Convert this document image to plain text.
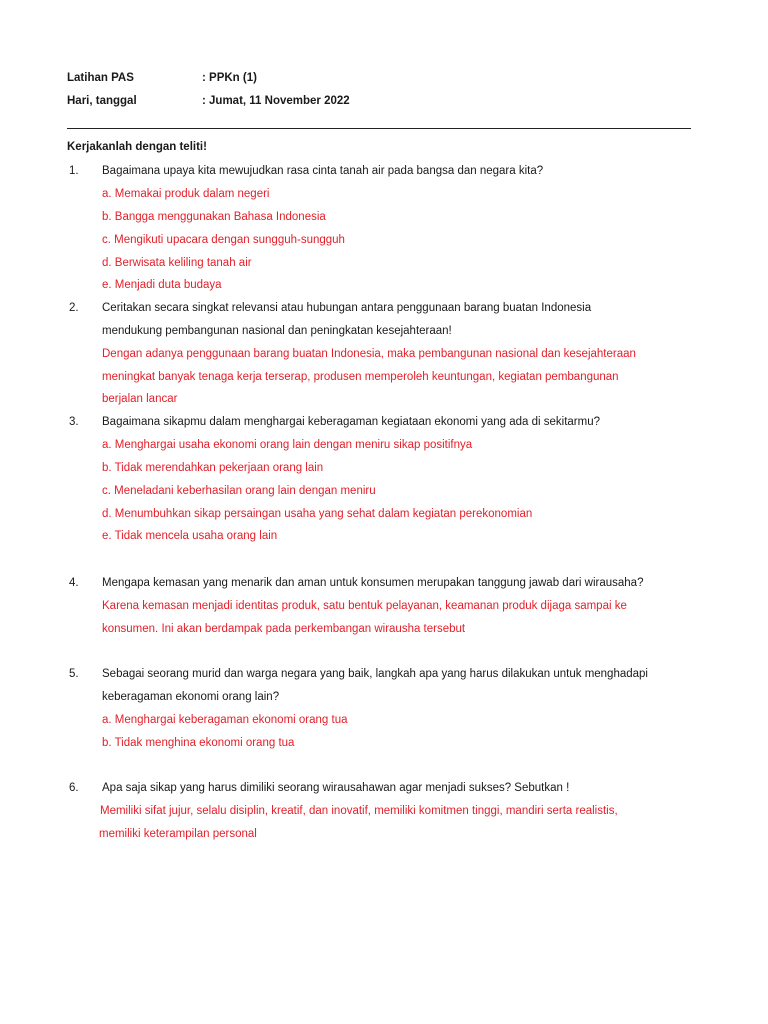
Latihan PAS	: PPKn (1)
Hari, tanggal	: Jumat, 11 November 2022
Kerjakanlah dengan teliti!
1. Bagaimana upaya kita mewujudkan rasa cinta tanah air pada bangsa dan negara kita?
a. Memakai produk dalam negeri
b. Bangga menggunakan Bahasa Indonesia
c. Mengikuti upacara dengan sungguh-sungguh
d. Berwisata keliling tanah air
e. Menjadi duta budaya
2. Ceritakan secara singkat relevansi atau hubungan antara penggunaan barang buatan Indonesia
mendukung pembangunan nasional dan peningkatan kesejahteraan!
Dengan adanya penggunaan barang buatan Indonesia, maka pembangunan nasional dan kesejahteraan
meningkat banyak tenaga kerja terserap, produsen memperoleh keuntungan, kegiatan pembangunan
berjalan lancar
3. Bagaimana sikapmu dalam menghargai keberagaman kegiataan ekonomi yang ada di sekitarmu?
a. Menghargai usaha ekonomi orang lain dengan meniru sikap positifnya
b. Tidak merendahkan pekerjaan orang lain
c. Meneladani keberhasilan orang lain dengan meniru
d. Menumbuhkan sikap persaingan usaha yang sehat dalam kegiatan perekonomian
e. Tidak mencela usaha orang lain
4. Mengapa kemasan yang menarik dan aman untuk konsumen merupakan tanggung jawab dari wirausaha?
Karena kemasan menjadi identitas produk, satu bentuk pelayanan, keamanan produk dijaga sampai ke
konsumen. Ini akan berdampak pada perkembangan wirausha tersebut
5. Sebagai seorang murid dan warga negara yang baik, langkah apa yang harus dilakukan untuk menghadapi
keberagaman ekonomi orang lain?
a. Menghargai keberagaman ekonomi orang tua
b. Tidak menghina ekonomi orang tua
6. Apa saja sikap yang harus dimiliki seorang wirausahawan agar menjadi sukses? Sebutkan !
Memiliki sifat jujur, selalu disiplin, kreatif, dan inovatif, memiliki komitmen tinggi, mandiri serta realistis,
memiliki keterampilan personal
